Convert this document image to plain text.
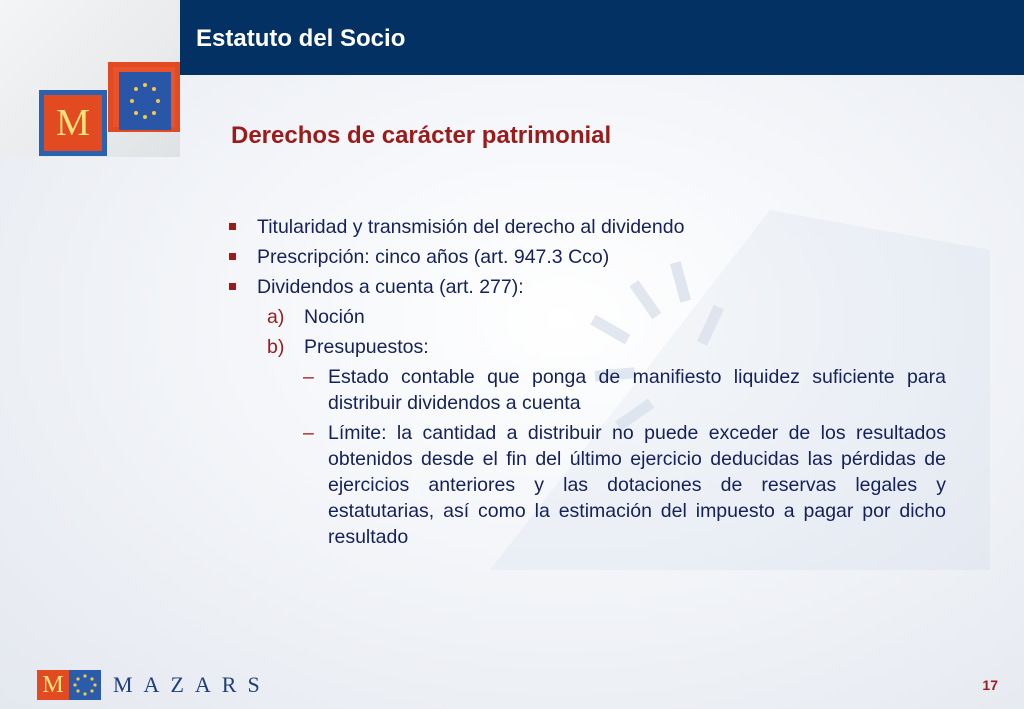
M
Estatuto del Socio
Derechos de carácter patrimonial
Titularidad y transmisión del derecho al dividendo
Prescripción: cinco años (art. 947.3 Cco)
Dividendos a cuenta (art. 277):
a) Noción
b) Presupuestos:
– Estado contable que ponga de manifiesto liquidez suficiente para distribuir dividendos a cuenta
– Límite: la cantidad a distribuir no puede exceder de los resultados obtenidos desde el fin del último ejercicio deducidas las pérdidas de ejercicios anteriores y las dotaciones de reservas legales y estatutarias, así como la estimación del impuesto a pagar por dicho resultado
M MAZARS	17
